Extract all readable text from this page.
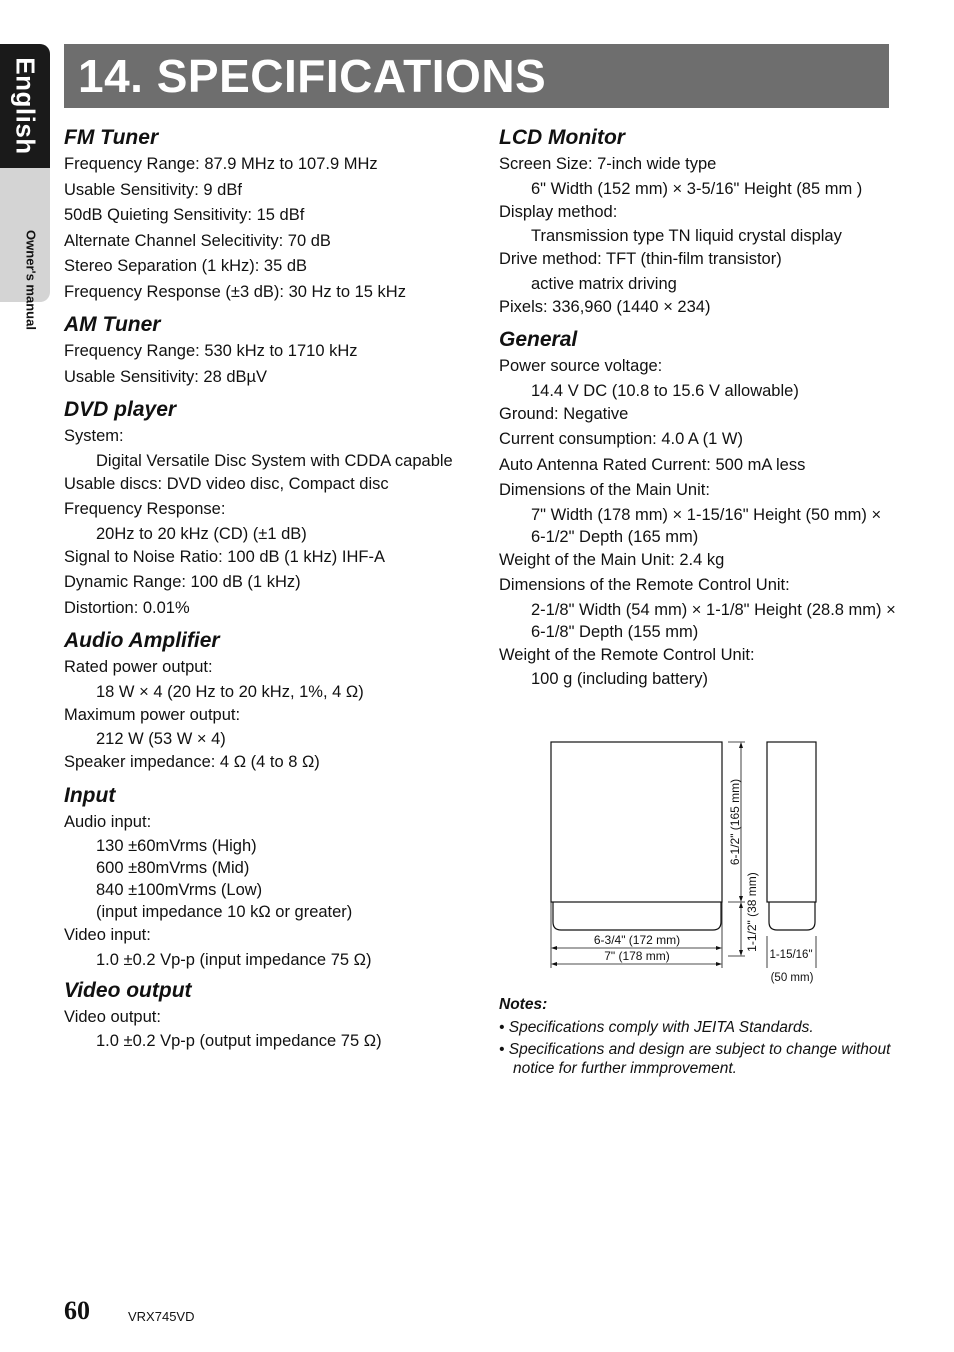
English
Owner's manual
14. SPECIFICATIONS
FM Tuner
Frequency Range: 87.9 MHz to 107.9 MHz
Usable Sensitivity: 9 dBf
50dB Quieting Sensitivity: 15 dBf
Alternate Channel Selecitivity: 70 dB
Stereo Separation (1 kHz): 35 dB
Frequency Response (±3 dB): 30 Hz to 15 kHz
AM Tuner
Frequency Range: 530 kHz to 1710 kHz
Usable Sensitivity: 28 dBµV
DVD player
System:
Digital Versatile Disc System with CDDA capable
Usable discs: DVD video disc, Compact disc
Frequency Response:
20Hz to 20 kHz (CD) (±1 dB)
Signal to Noise Ratio: 100 dB (1 kHz) IHF-A
Dynamic Range: 100 dB (1 kHz)
Distortion: 0.01%
Audio Amplifier
Rated power output:
18 W × 4 (20 Hz to 20 kHz, 1%, 4 Ω)
Maximum power output:
212 W (53 W × 4)
Speaker impedance: 4 Ω (4 to 8 Ω)
Input
Audio input:
130 ±60mVrms (High)
600 ±80mVrms (Mid)
840 ±100mVrms (Low)
(input impedance 10 kΩ or greater)
Video input:
1.0 ±0.2 Vp-p (input impedance 75 Ω)
Video output
Video output:
1.0 ±0.2 Vp-p (output impedance 75 Ω)
LCD Monitor
Screen Size: 7-inch wide type
6" Width (152 mm) × 3-5/16" Height (85 mm )
Display method:
Transmission type TN liquid crystal display
Drive method: TFT (thin-film transistor)
active matrix driving
Pixels: 336,960 (1440 × 234)
General
Power source voltage:
14.4 V DC (10.8 to 15.6 V allowable)
Ground: Negative
Current consumption: 4.0 A (1 W)
Auto Antenna Rated Current: 500 mA less
Dimensions of the Main Unit:
7" Width (178 mm) × 1-15/16" Height (50 mm) × 6-1/2" Depth (165 mm)
Weight of the Main Unit: 2.4 kg
Dimensions of the Remote Control Unit:
2-1/8" Width (54 mm) × 1-1/8" Height (28.8 mm) × 6-1/8" Depth (155 mm)
Weight of the Remote Control Unit:
100 g (including battery)
6-3/4" (172 mm)
7" (178 mm)
6-1/2" (165 mm)
1-1/2" (38 mm)
1-15/16"
(50 mm)
Notes:
• Specifications comply with JEITA Standards.
• Specifications and design are subject to change without notice for further immprovement.
60	VRX745VD
